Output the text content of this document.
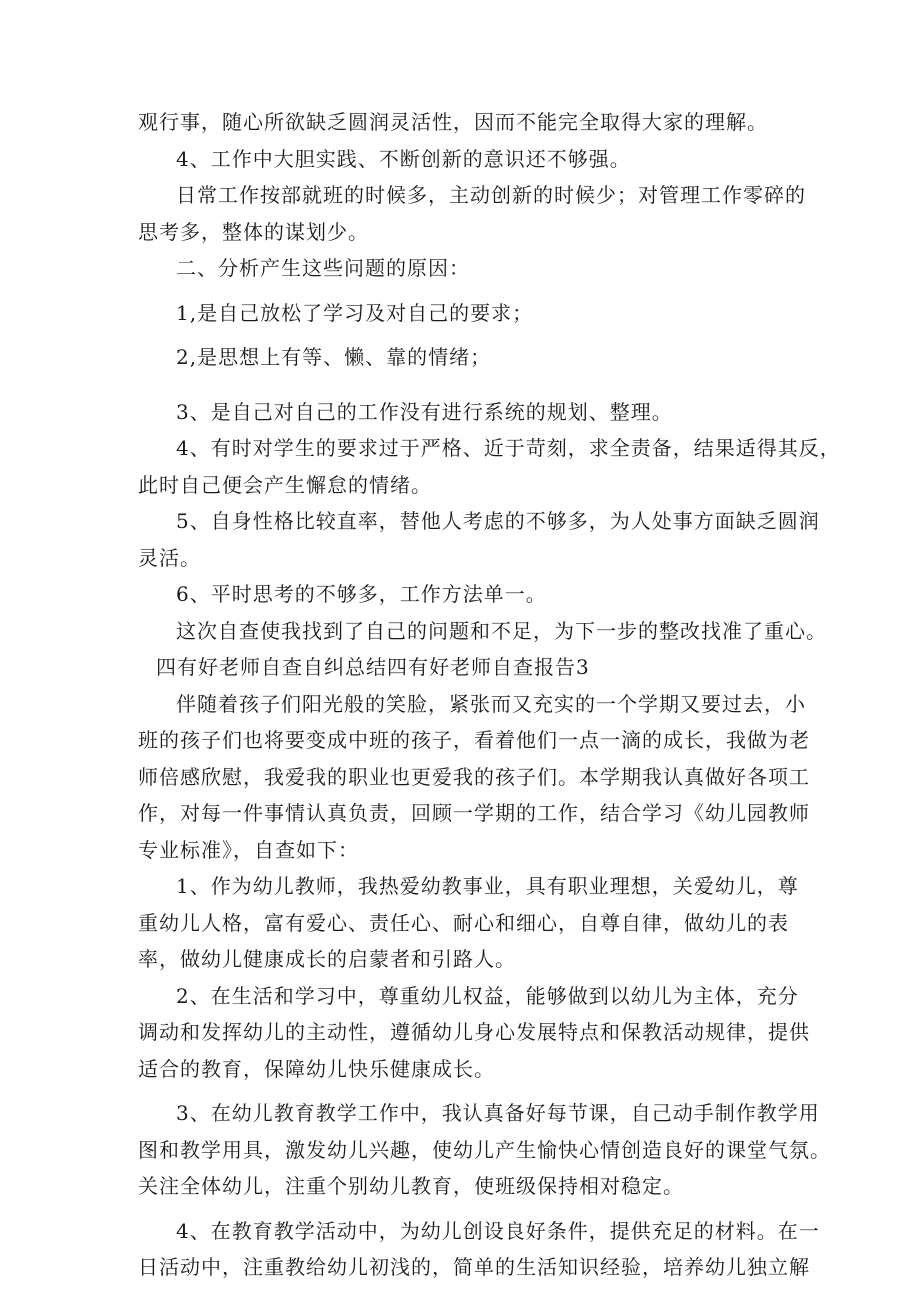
观行事，随心所欲缺乏圆润灵活性，因而不能完全取得大家的理解。

4、工作中大胆实践、不断创新的意识还不够强。

日常工作按部就班的时候多，主动创新的时候少；对管理工作零碎的

思考多，整体的谋划少。

二、分析产生这些问题的原因：

1,是自己放松了学习及对自己的要求；

2,是思想上有等、懒、靠的情绪；

3、是自己对自己的工作没有进行系统的规划、整理。

4、有时对学生的要求过于严格、近于苛刻，求全责备，结果适得其反，

此时自己便会产生懈怠的情绪。

5、自身性格比较直率，替他人考虑的不够多，为人处事方面缺乏圆润

灵活。

6、平时思考的不够多，工作方法单一。

这次自查使我找到了自己的问题和不足，为下一步的整改找准了重心。

四有好老师自查自纠总结四有好老师自查报告3

伴随着孩子们阳光般的笑脸，紧张而又充实的一个学期又要过去，小

班的孩子们也将要变成中班的孩子，看着他们一点一滴的成长，我做为老

师倍感欣慰，我爱我的职业也更爱我的孩子们。本学期我认真做好各项工

作，对每一件事情认真负责，回顾一学期的工作，结合学习《幼儿园教师

专业标准》，自查如下：

1、作为幼儿教师，我热爱幼教事业，具有职业理想，关爱幼儿，尊

重幼儿人格，富有爱心、责任心、耐心和细心，自尊自律，做幼儿的表

率，做幼儿健康成长的启蒙者和引路人。

2、在生活和学习中，尊重幼儿权益，能够做到以幼儿为主体，充分

调动和发挥幼儿的主动性，遵循幼儿身心发展特点和保教活动规律，提供

适合的教育，保障幼儿快乐健康成长。

3、在幼儿教育教学工作中，我认真备好每节课，自己动手制作教学用

图和教学用具，激发幼儿兴趣，使幼儿产生愉快心情创造良好的课堂气氛。

关注全体幼儿，注重个别幼儿教育，使班级保持相对稳定。

4、在教育教学活动中，为幼儿创设良好条件，提供充足的材料。在一

日活动中，注重教给幼儿初浅的，简单的生活知识经验，培养幼儿独立解
